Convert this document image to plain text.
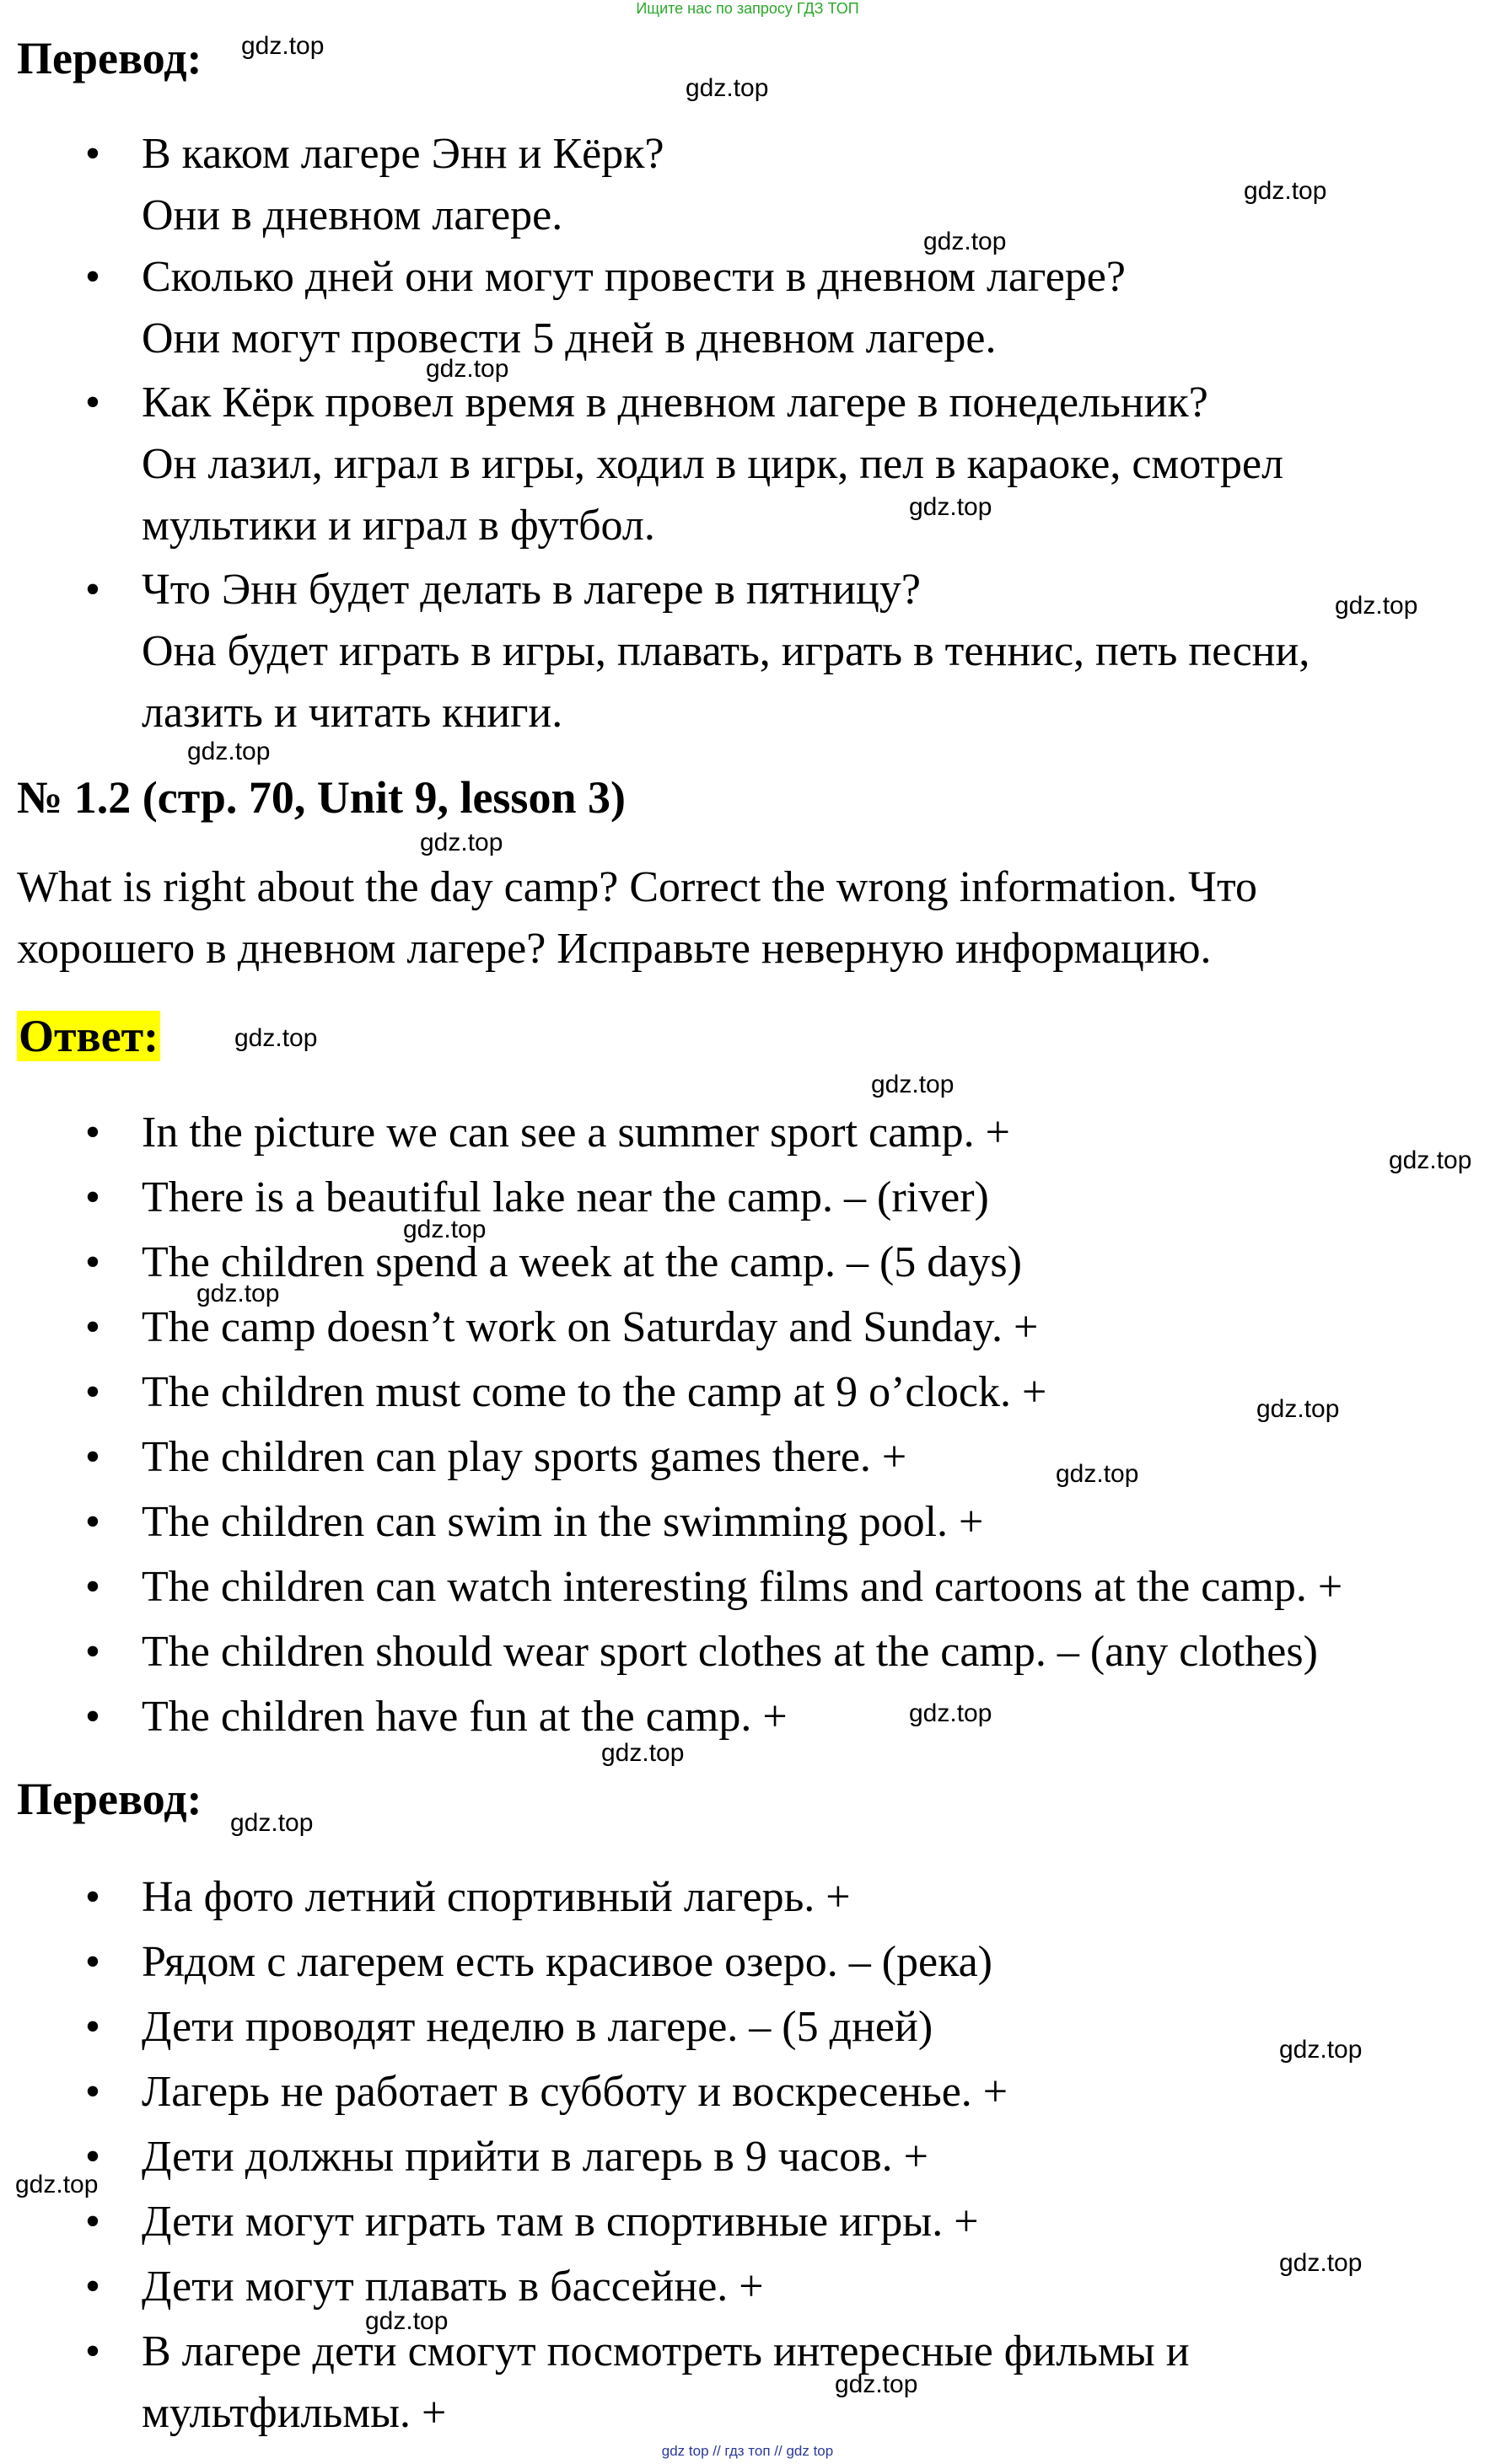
Ищите нас по запросу ГДЗ ТОП
Перевод:
• В каком лагере Энн и Кёрк?
Они в дневном лагере.
• Сколько дней они могут провести в дневном лагере?
Они могут провести 5 дней в дневном лагере.
• Как Кёрк провел время в дневном лагере в понедельник?
Он лазил, играл в игры, ходил в цирк, пел в караоке, смотрел
мультики и играл в футбол.
• Что Энн будет делать в лагере в пятницу?
Она будет играть в игры, плавать, играть в теннис, петь песни,
лазить и читать книги.
№ 1.2 (стр. 70, Unit 9, lesson 3)
What is right about the day camp? Correct the wrong information. Что
хорошего в дневном лагере? Исправьте неверную информацию.
Ответ:
• In the picture we can see a summer sport camp. +
• There is a beautiful lake near the camp. – (river)
• The children spend a week at the camp. – (5 days)
• The camp doesn’t work on Saturday and Sunday. +
• The children must come to the camp at 9 o’clock. +
• The children can play sports games there. +
• The children can swim in the swimming pool. +
• The children can watch interesting films and cartoons at the camp. +
• The children should wear sport clothes at the camp. – (any clothes)
• The children have fun at the camp. +
Перевод:
• На фото летний спортивный лагерь. +
• Рядом с лагерем есть красивое озеро. – (река)
• Дети проводят неделю в лагере. – (5 дней)
• Лагерь не работает в субботу и воскресенье. +
• Дети должны прийти в лагерь в 9 часов. +
• Дети могут играть там в спортивные игры. +
• Дети могут плавать в бассейне. +
• В лагере дети смогут посмотреть интересные фильмы и
мультфильмы. +
gdz.top
gdz.top
gdz.top
gdz.top
gdz.top
gdz.top
gdz.top
gdz.top
gdz.top
gdz.top
gdz.top
gdz.top
gdz.top
gdz.top
gdz.top
gdz.top
gdz.top
gdz.top
gdz.top
gdz.top
gdz.top
gdz.top
gdz.top
gdz.top
gdz top // гдз топ // gdz top
